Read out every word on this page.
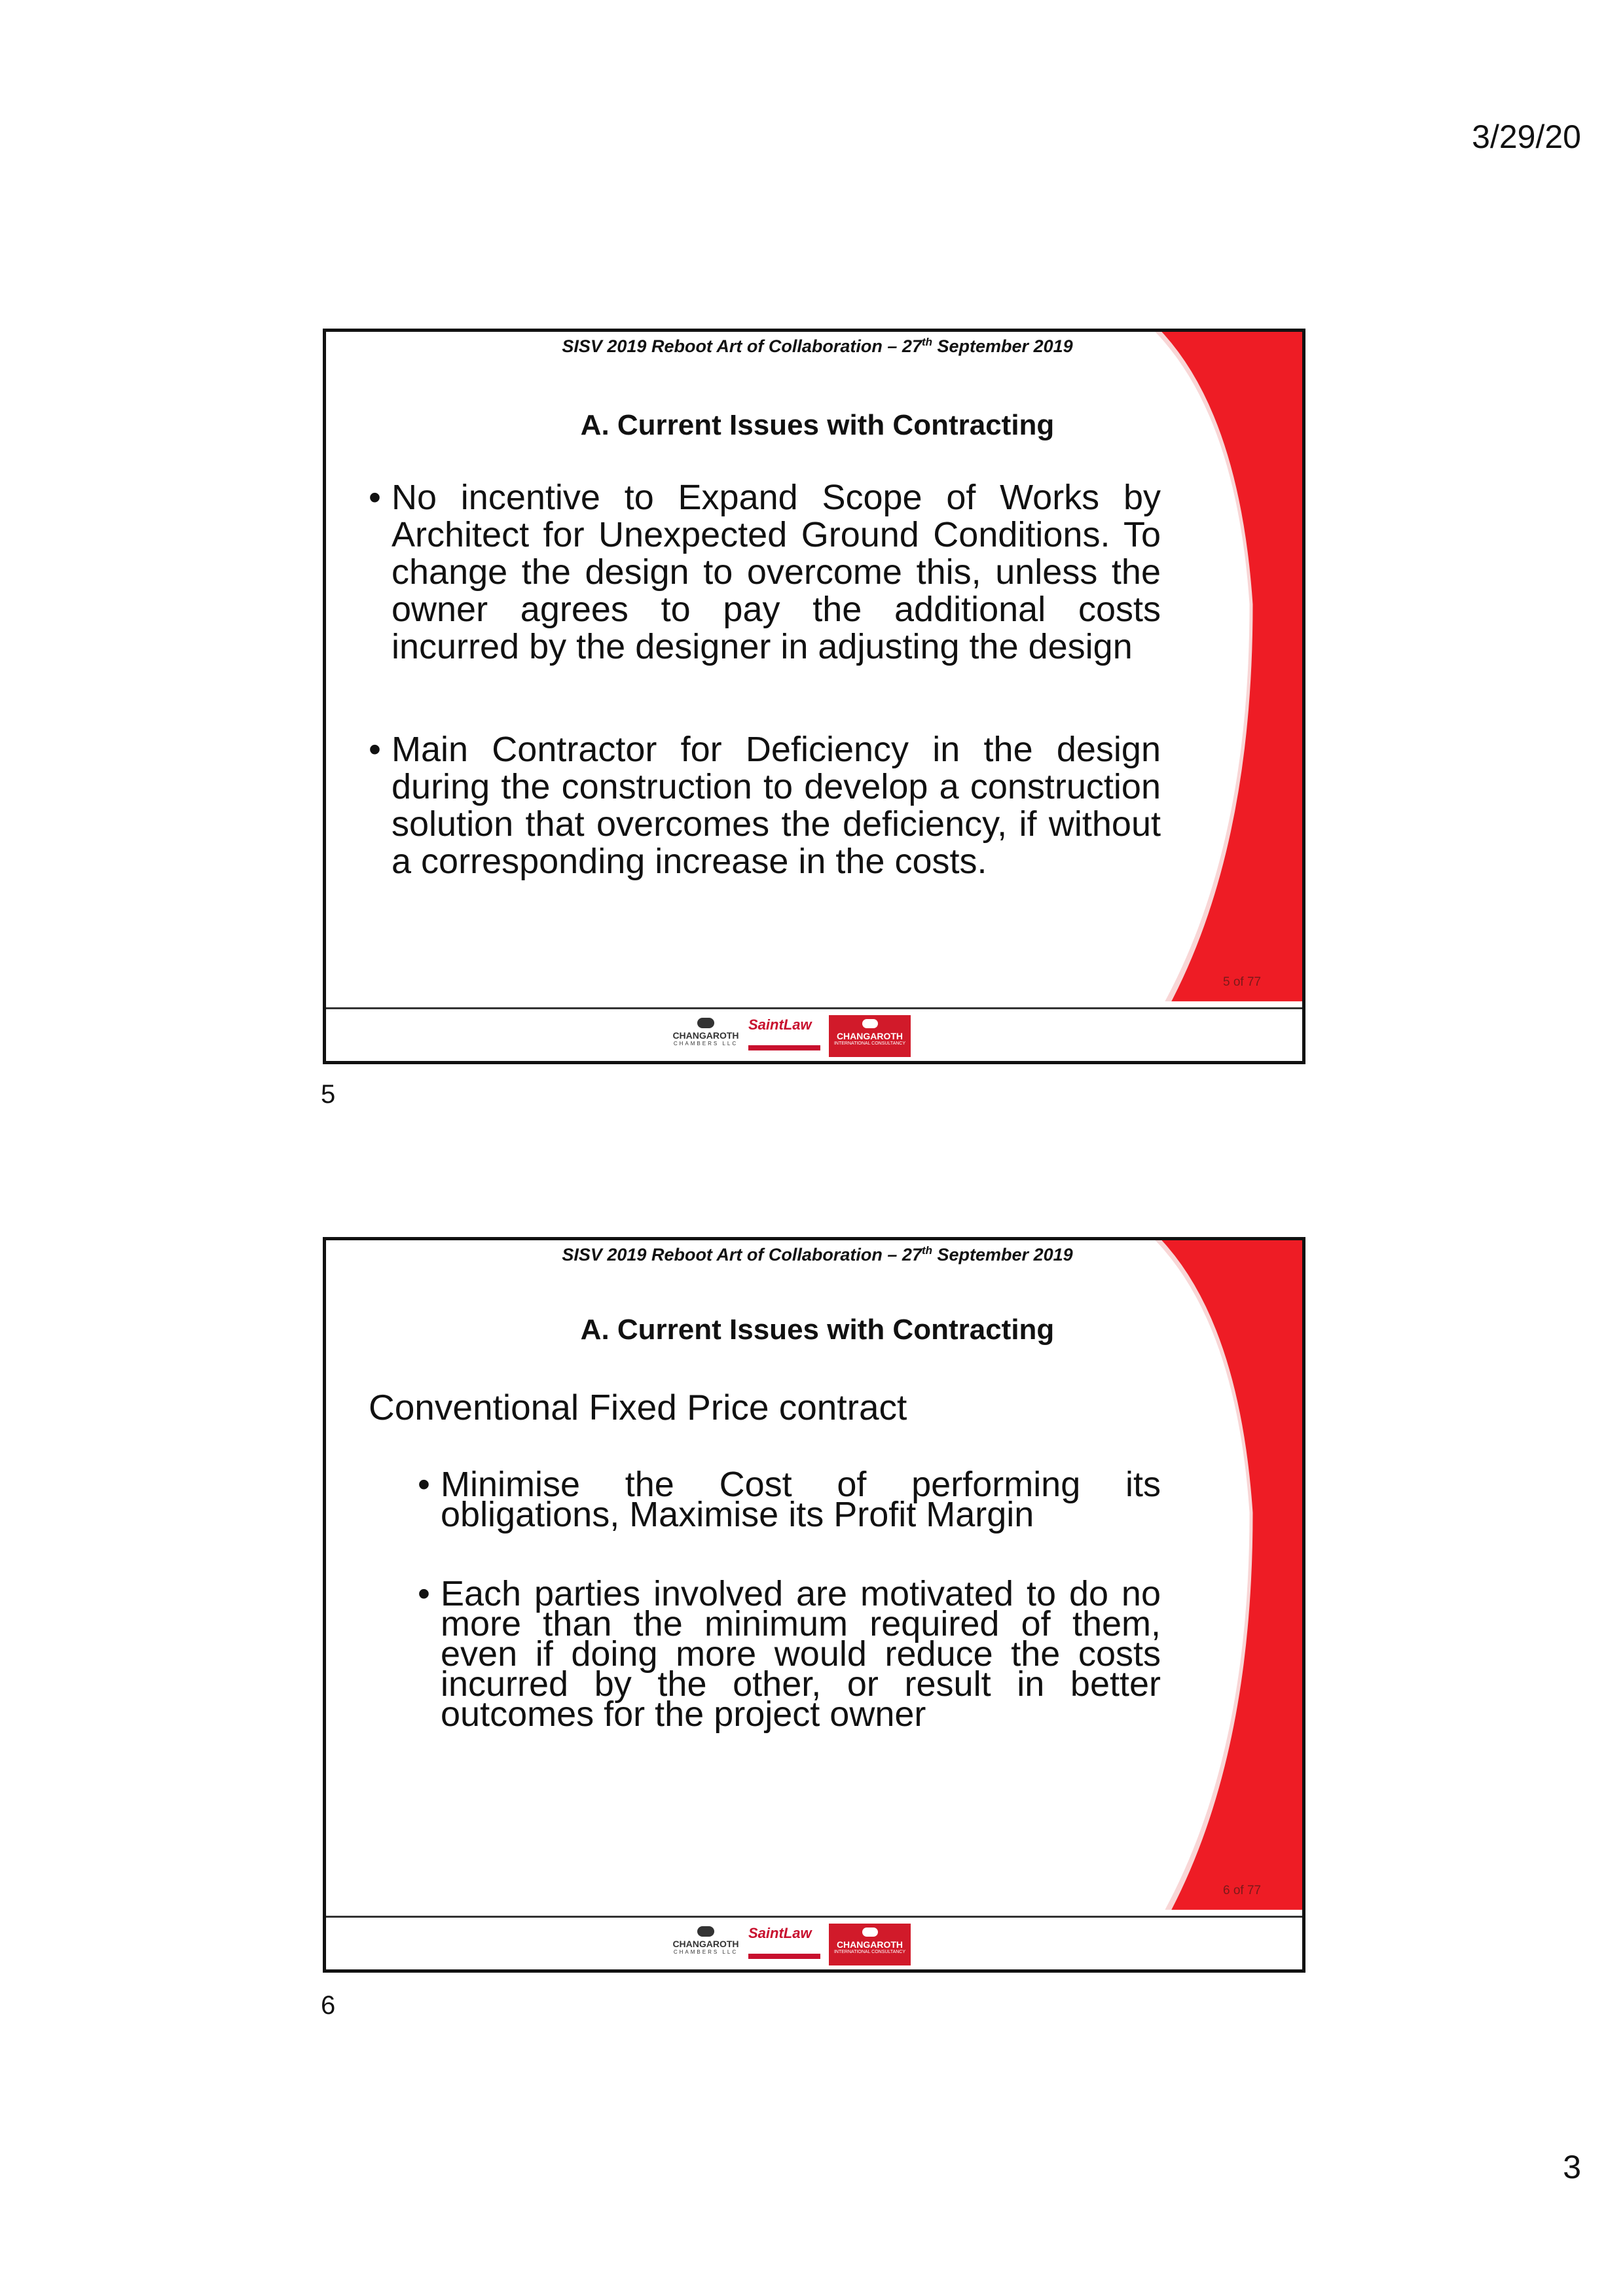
3/29/20
SISV 2019 Reboot Art of Collaboration – 27th September 2019
A. Current Issues with Contracting
• No incentive to Expand Scope of Works by Architect for Unexpected Ground Conditions. To change the design to overcome this, unless the owner agrees to pay the additional costs incurred by the designer in adjusting the design
• Main Contractor for Deficiency in the design during the construction to develop a construction solution that overcomes the deficiency, if without a corresponding increase in the costs.
5 of 77
CHANGAROTH
CHAMBERS LLC
SaintLaw
CHANGAROTH
INTERNATIONAL CONSULTANCY
5
SISV 2019 Reboot Art of Collaboration – 27th September 2019
A. Current Issues with Contracting
Conventional Fixed Price contract
• Minimise the Cost of performing its obligations, Maximise its Profit Margin
• Each parties involved are motivated to do no more than the minimum required of them, even if doing more would reduce the costs incurred by the other, or result in better outcomes for the project owner
6 of 77
CHANGAROTH
CHAMBERS LLC
SaintLaw
CHANGAROTH
INTERNATIONAL CONSULTANCY
6
3
